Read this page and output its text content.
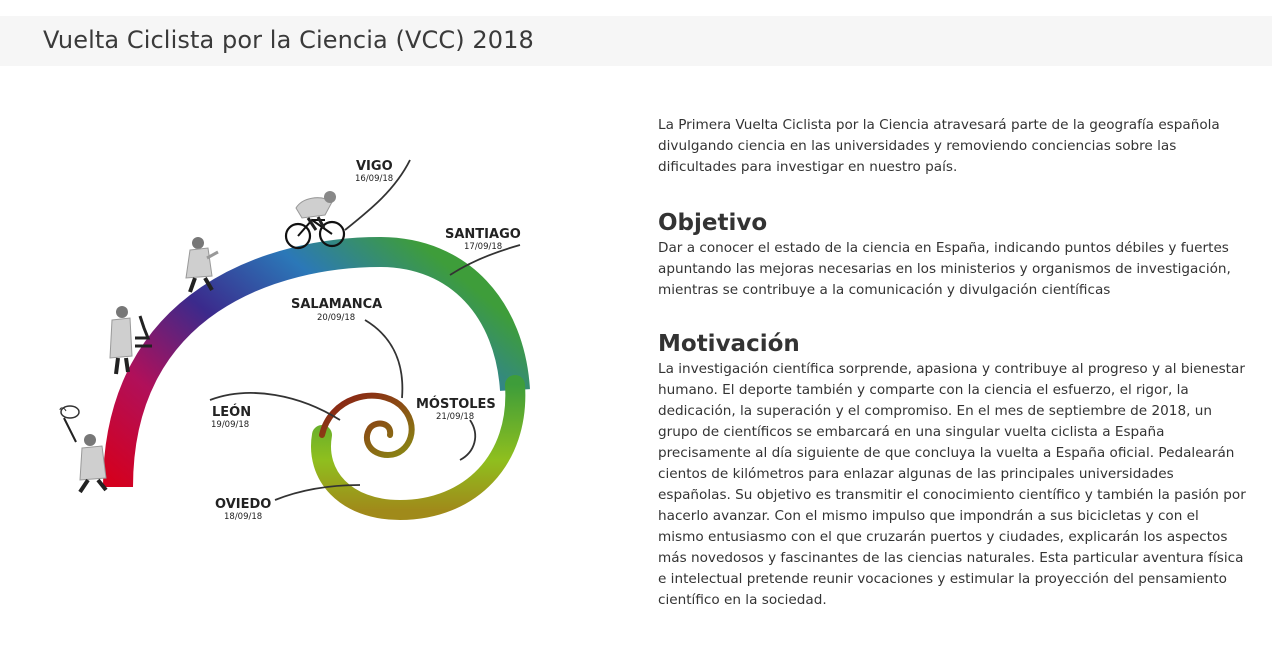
Vuelta Ciclista por la Ciencia (VCC) 2018
VIGO
16/09/18
SANTIAGO
17/09/18
OVIEDO
18/09/18
LEÓN
19/09/18
SALAMANCA
20/09/18
MÓSTOLES
21/09/18

La Primera Vuelta Ciclista por la Ciencia atravesará parte de la geografía española divulgando ciencia en las universidades y removiendo conciencias sobre las dificultades para investigar en nuestro país.

Objetivo

Dar a conocer el estado de la ciencia en España, indicando puntos débiles y fuertes apuntando las mejoras necesarias en los ministerios y organismos de investigación, mientras se contribuye a la comunicación y divulgación científicas

Motivación

La investigación científica sorprende, apasiona y contribuye al progreso y al bienestar humano. El deporte también y comparte con la ciencia el esfuerzo, el rigor, la dedicación, la superación y el compromiso. En el mes de septiembre de 2018, un grupo de científicos se embarcará en una singular vuelta ciclista a España precisamente al día siguiente de que concluya la vuelta a España oficial. Pedalearán cientos de kilómetros para enlazar algunas de las principales universidades españolas. Su objetivo es transmitir el conocimiento científico y también la pasión por hacerlo avanzar. Con el mismo impulso que impondrán a sus bicicletas y con el mismo entusiasmo con el que cruzarán puertos y ciudades, explicarán los aspectos más novedosos y fascinantes de las ciencias naturales. Esta particular aventura física e intelectual pretende reunir vocaciones y estimular la proyección del pensamiento científico en la sociedad.
